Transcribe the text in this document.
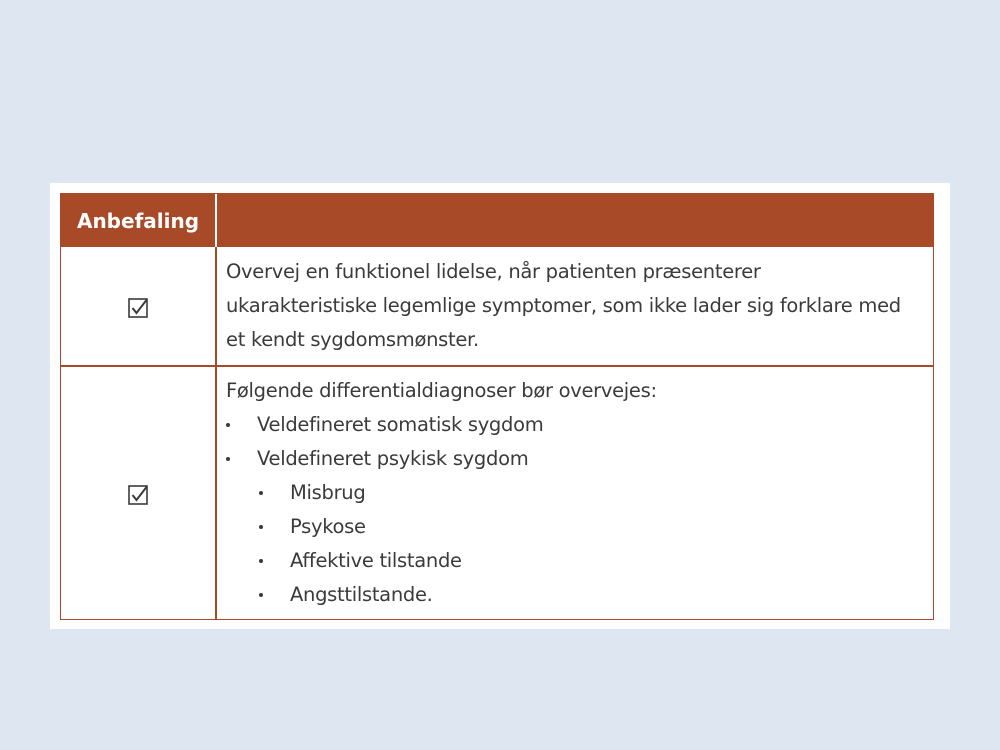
Anbefaling
Overvej en funktionel lidelse, når patienten præsenterer
ukarakteristiske legemlige symptomer, som ikke lader sig forklare med
et kendt sygdomsmønster.
Følgende differentialdiagnoser bør overvejes:
Veldefineret somatisk sygdom
Veldefineret psykisk sygdom
Misbrug
Psykose
Affektive tilstande
Angsttilstande.
